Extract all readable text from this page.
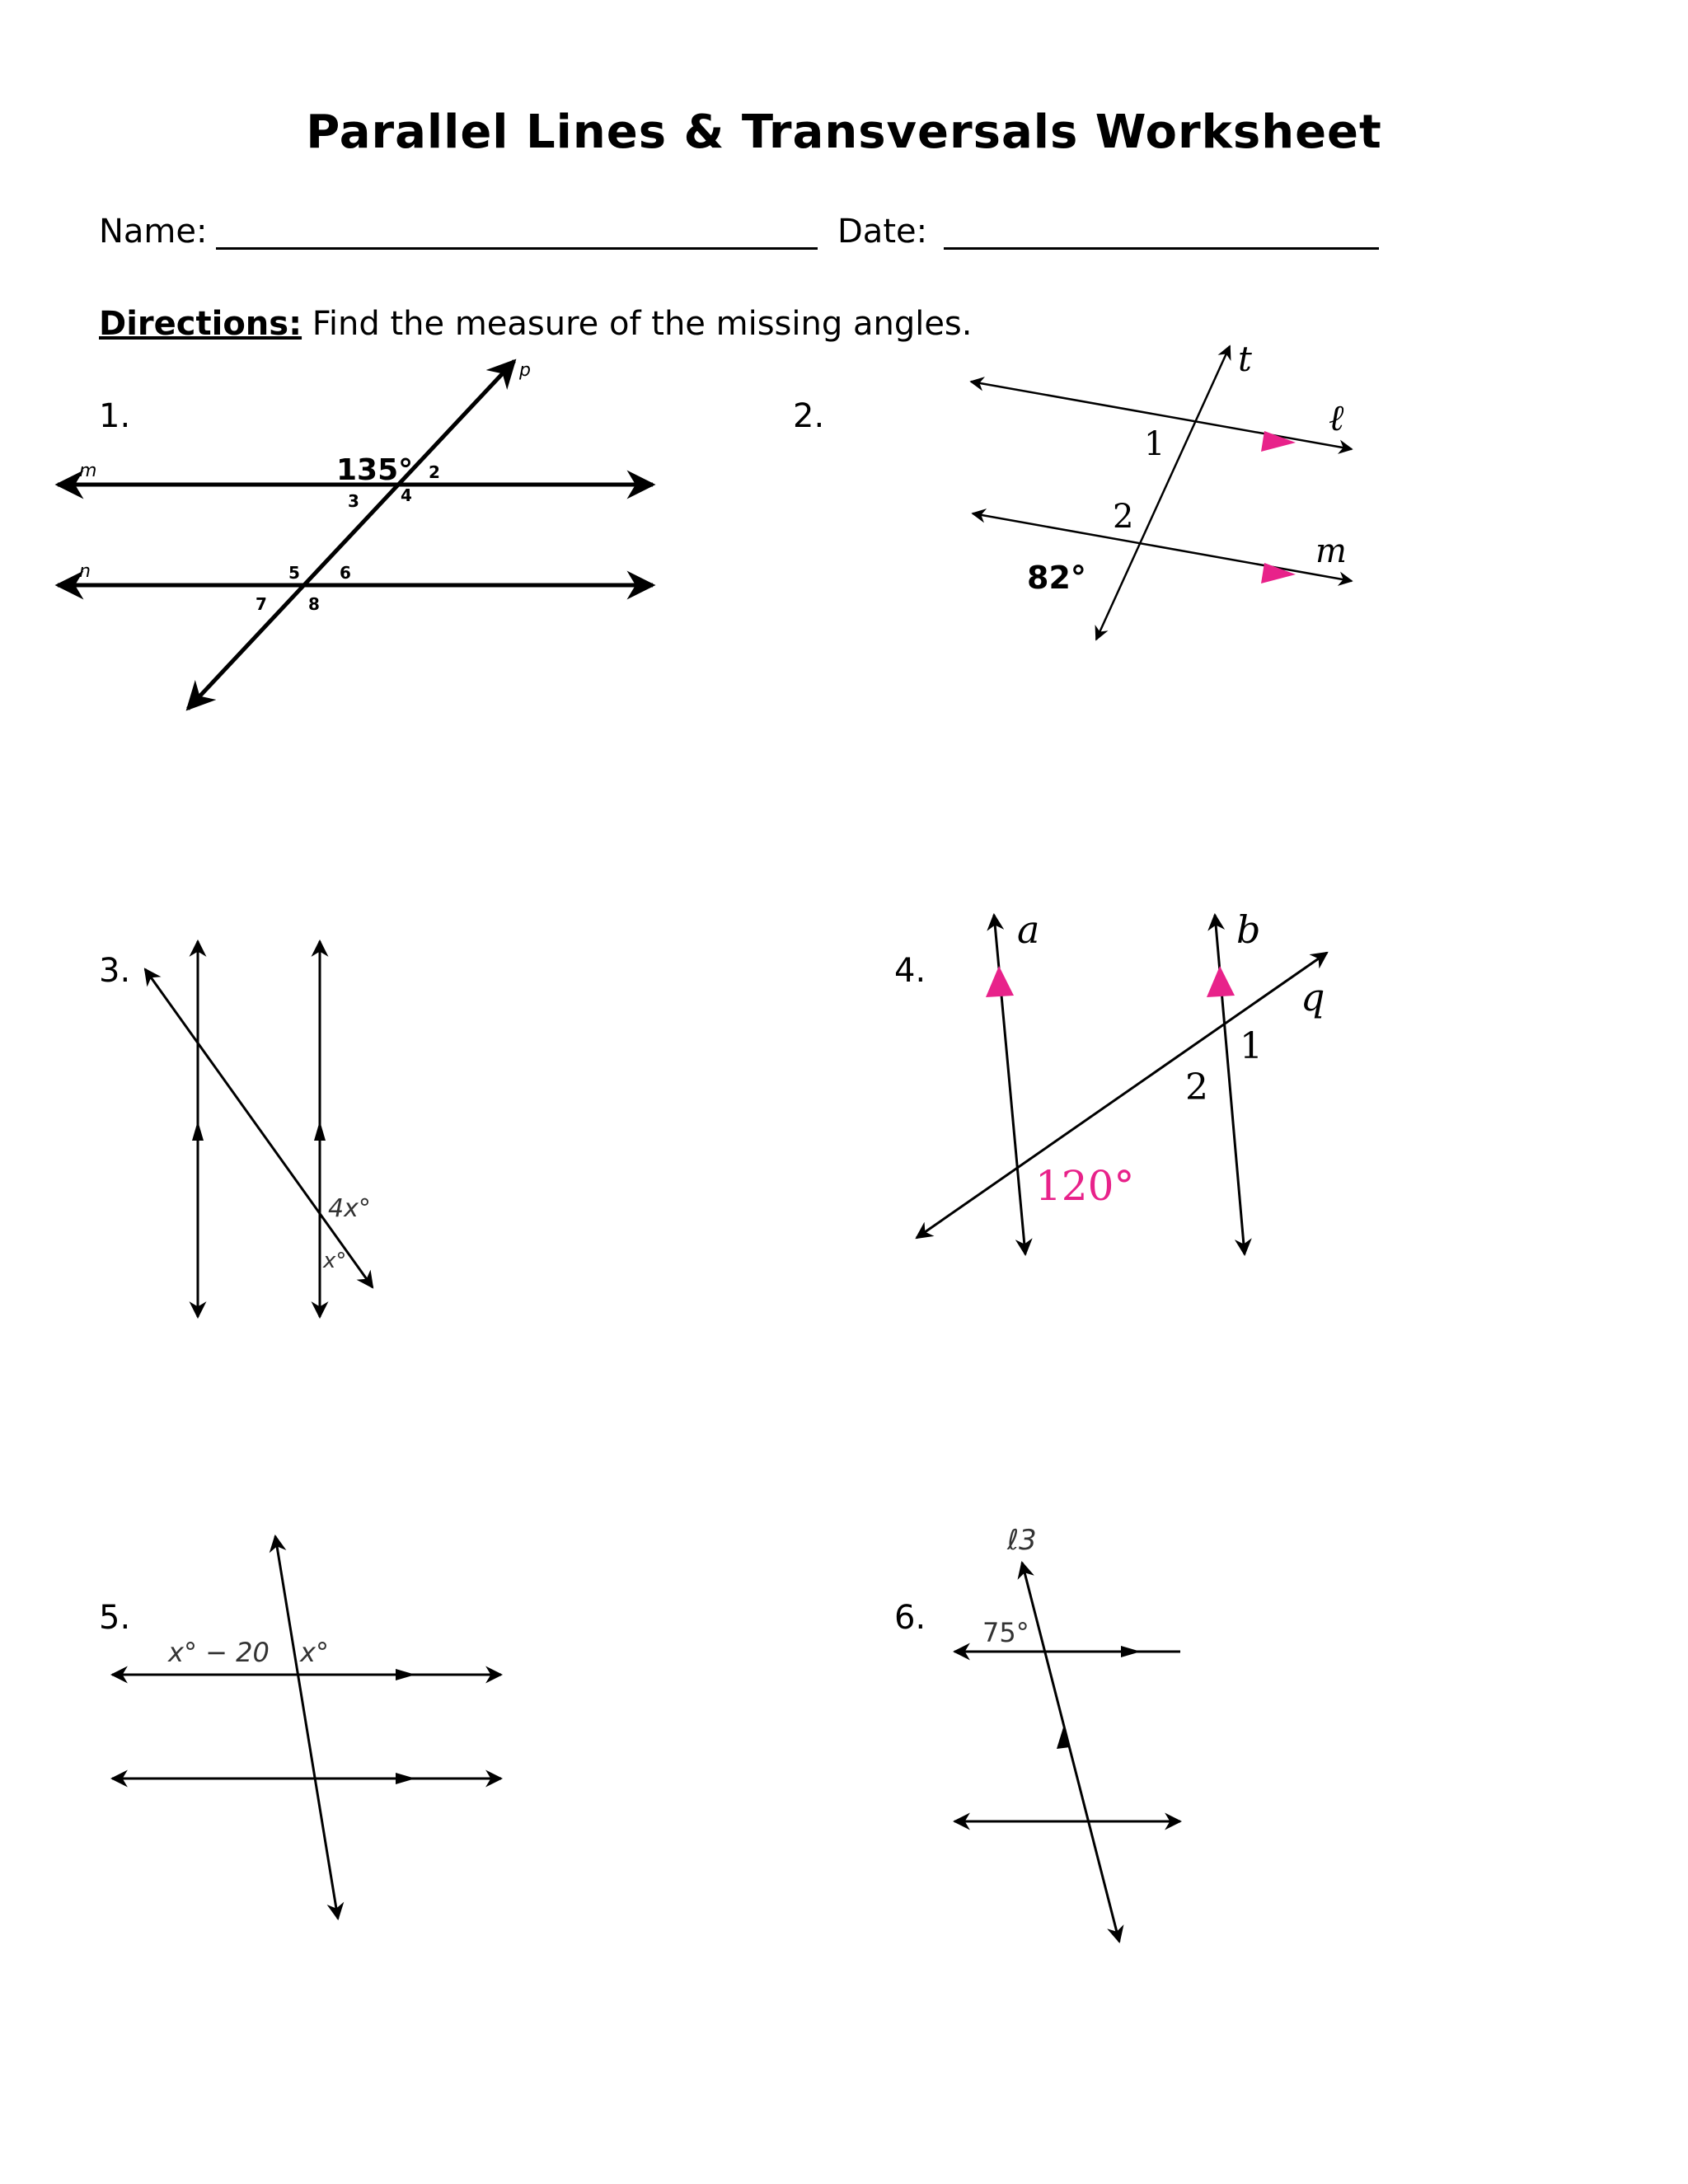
Parallel Lines & Transversals Worksheet
Name:	Date:
Directions: Find the measure of the missing angles.
1.	2.
3.	4.
5.	6.
m
n
p
135° 2
3	4
5 6
7	8
t
ℓ
m
1
2
82°
4x°
x°
a	b
q
1
2
120°
x° − 20 x°
ℓ3
75°
